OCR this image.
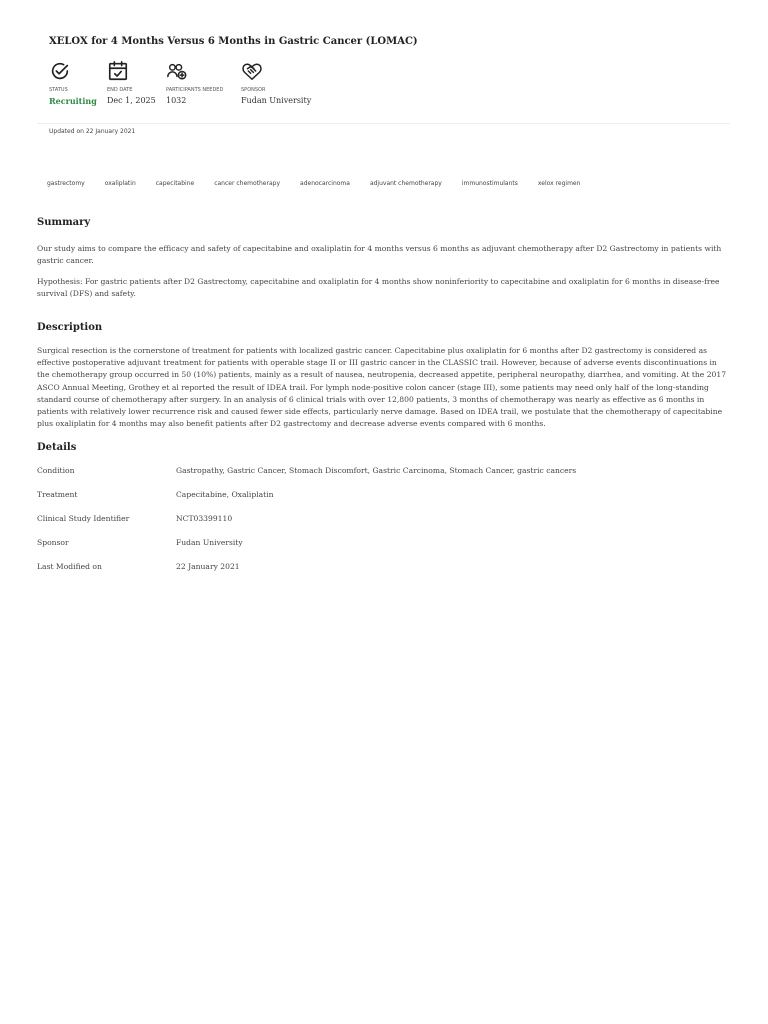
XELOX for 4 Months Versus 6 Months in Gastric Cancer (LOMAC)
STATUS
Recruiting
END DATE
Dec 1, 2025
PARTICIPANTS NEEDED
1032
SPONSOR
Fudan University
Updated on 22 January 2021
gastrectomy	oxaliplatin	capecitabine	cancer chemotherapy	adenocarcinoma	adjuvant chemotherapy	immunostimulants	xelox regimen
Summary

Our study aims to compare the efficacy and safety of capecitabine and oxaliplatin for 4 months versus 6 months as adjuvant chemotherapy after D2 Gastrectomy in patients with gastric cancer.

Hypothesis: For gastric patients after D2 Gastrectomy, capecitabine and oxaliplatin for 4 months show noninferiority to capecitabine and oxaliplatin for 6 months in disease-free survival (DFS) and safety.

Description

Surgical resection is the cornerstone of treatment for patients with localized gastric cancer. Capecitabine plus oxaliplatin for 6 months after D2 gastrectomy is considered as effective postoperative adjuvant treatment for patients with operable stage II or III gastric cancer in the CLASSIC trail. However, because of adverse events discontinuations in the chemotherapy group occurred in 50 (10%) patients, mainly as a result of nausea, neutropenia, decreased appetite, peripheral neuropathy, diarrhea, and vomiting. At the 2017 ASCO Annual Meeting, Grothey et al reported the result of IDEA trail. For lymph node-positive colon cancer (stage III), some patients may need only half of the long-standing standard course of chemotherapy after surgery. In an analysis of 6 clinical trials with over 12,800 patients, 3 months of chemotherapy was nearly as effective as 6 months in patients with relatively lower recurrence risk and caused fewer side effects, particularly nerve damage. Based on IDEA trail, we postulate that the chemotherapy of capecitabine plus oxaliplatin for 4 months may also benefit patients after D2 gastrectomy and decrease adverse events compared with 6 months.

Details
Condition	Gastropathy, Gastric Cancer, Stomach Discomfort, Gastric Carcinoma, Stomach Cancer, gastric cancers
Treatment	Capecitabine, Oxaliplatin
Clinical Study Identifier	NCT03399110
Sponsor	Fudan University
Last Modified on	22 January 2021
